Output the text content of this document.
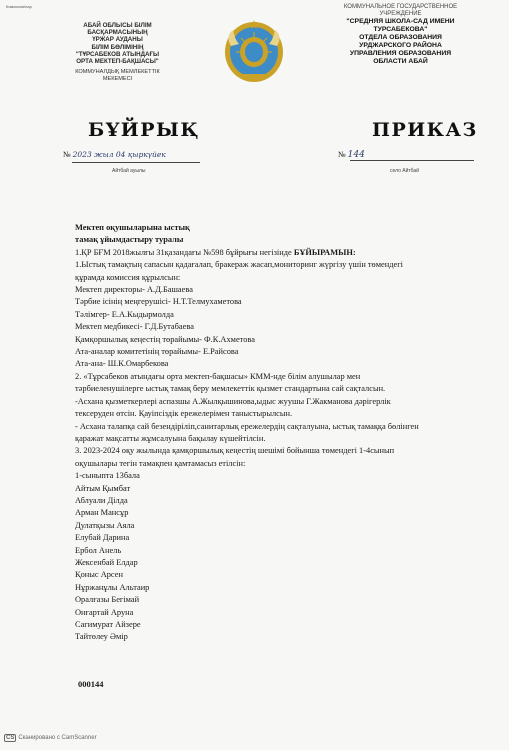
Комиссия/лар
АБАЙ ОБЛЫСЫ БІЛІМ
БАСҚАРМАСЫНЫҢ
ҮРЖАР АУДАНЫ
БІЛІМ БӨЛІМІНІҢ
"ТҰРСАБЕКОВ АТЫНДАҒЫ
ОРТА МЕКТЕП-БАҚШАСЫ"
КОММУНАЛДЫҚ МЕМЛЕКЕТТІК
МЕКЕМЕСІ
КОММУНАЛЬНОЕ ГОСУДАРСТВЕННОЕ
УЧРЕЖДЕНИЕ
"СРЕДНЯЯ ШКОЛА-САД ИМЕНИ
ТУРСАБЕКОВА"
ОТДЕЛА ОБРАЗОВАНИЯ
УРДЖАРСКОГО РАЙОНА
УПРАВЛЕНИЯ ОБРАЗОВАНИЯ
ОБЛАСТИ АБАЙ
БҰЙРЫҚ	ПРИКАЗ
№ 2023 жыл 04 қыркүйек
Айтбай ауылы
№ 144
село Айтбай

Мектеп оқушыларына ыстық

тамақ ұйымдастыру туралы

1.ҚР БҒМ 2018жылғы 31қазандағы №598 бұйрығы негізінде БҰЙЫРАМЫН:

1.Ыстық тамақтың сапасын қадағалап, бракераж жасап,мониторинг жүргізу үшін төмендегі

құрамда комиссия құрылсын:

Мектеп директоры- А.Д.Башаева

Тәрбие ісінің меңгерушісі- Н.Т.Телмухаметова

Тәлімгер- Е.А.Кыдырмолда

Мектеп медбикесі- Г.Д.Бутабаева

Қамқоршылық кеңестің төрайымы- Ф.К.Ахметова

Ата-аналар комитетінің төрайымы- Е.Райсова

Ата-ана- Ш.К.Омарбекова

2. «Тұрсабеков атындағы орта мектеп-бақшасы» КММ-нде білім алушылар мен

тәрбиеленушілерге ыстық тамақ беру мемлекеттік қызмет стандартына сай сақталсын.

-Асхана қызметкерлері аспазшы А.Жылқышинова,ыдыс жуушы Г.Жакманова дәрігерлік

тексеруден өтсін. Қауіпсіздік ережелерімен таныстырылсын.

- Асхана талапқа сай безендіріліп,санитарлық ережелердің сақталуына, ыстық тамаққа бөлінген

қаражат мақсатты жұмсалуына бақылау күшейтілсін.

3. 2023-2024 оқу жылында қамқоршылық кеңестің шешімі бойынша төмендегі 1-4сынып

оқушылары тегін тамақпен қамтамасыз етілсін:

1-сыныпта 13бала

Айтым Қымбат

Аблуали Ділда

Арман Мансұр

Дулатқызы Аяла

Елубай Дарина

Ербол Анель

Жексенбай Елдар

Қоныс Арсен

Нұржанұлы Альтаир

Оралғазы Бегімай

Онғартай Аруна

Сагимурат Айзере

Тайтөлеу Әмір

000144
CS Сканировано с CamScanner
